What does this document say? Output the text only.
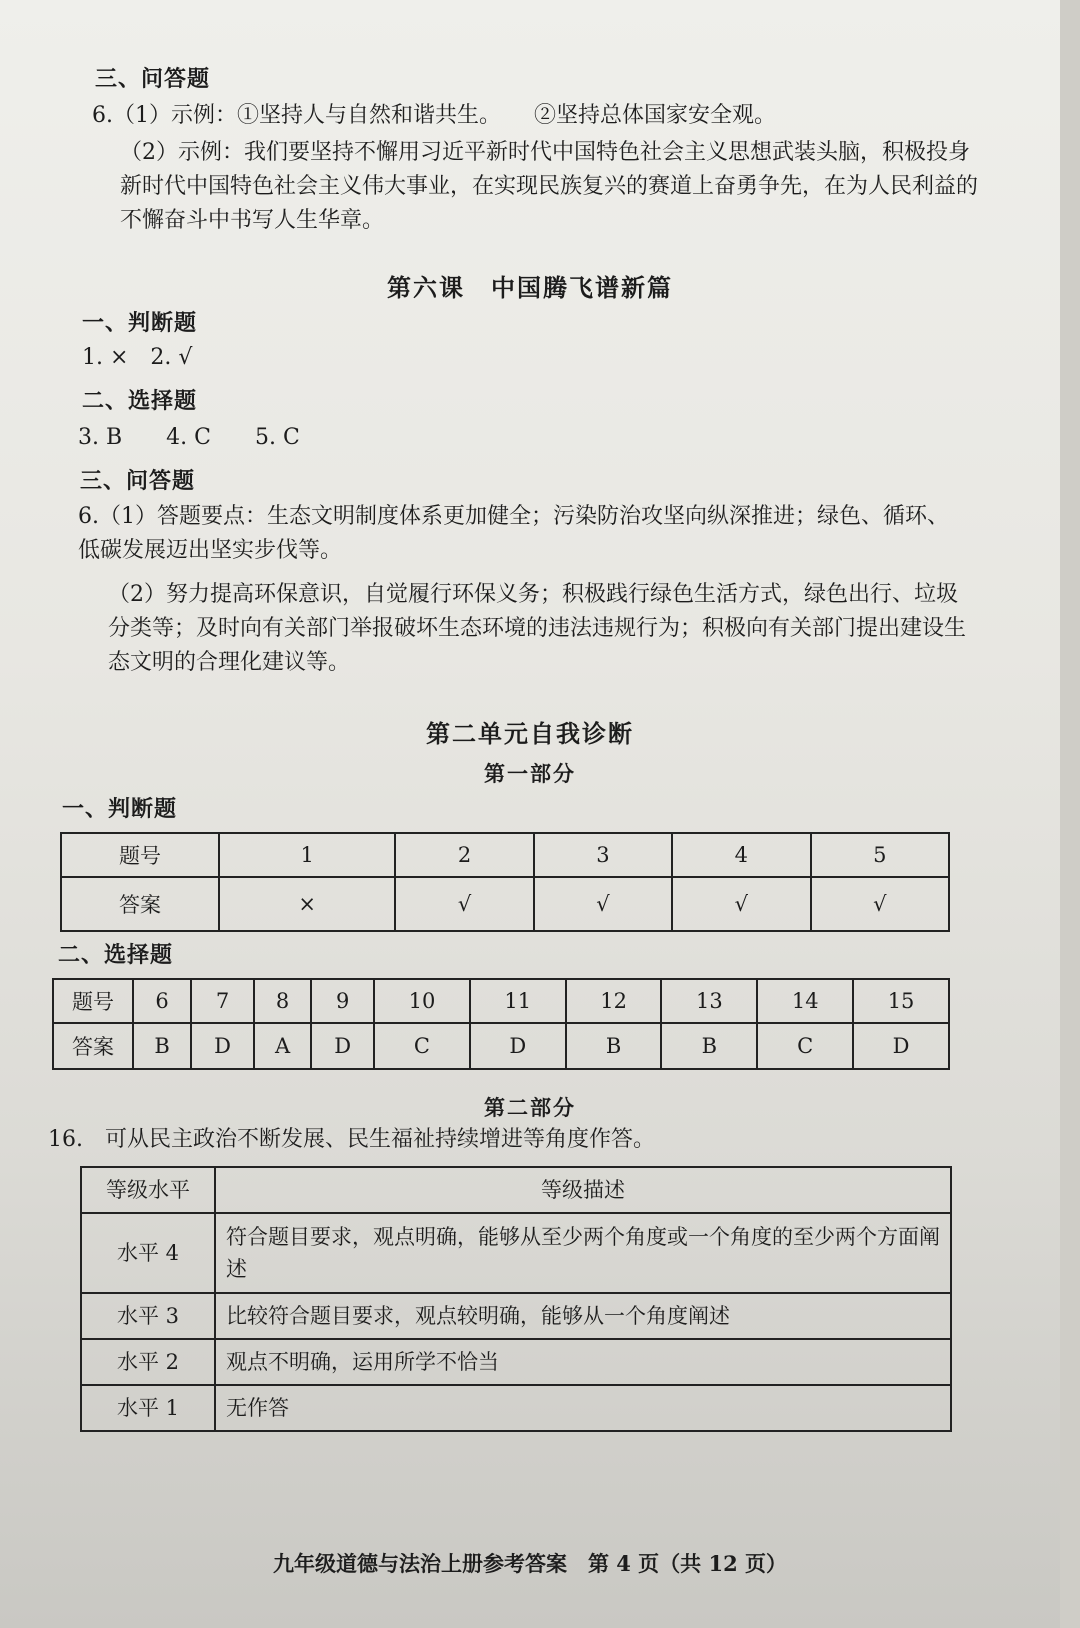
三、问答题
6.（1）示例：①坚持人与自然和谐共生。　　②坚持总体国家安全观。
（2）示例：我们要坚持不懈用习近平新时代中国特色社会主义思想武装头脑，积极投身新时代中国特色社会主义伟大事业，在实现民族复兴的赛道上奋勇争先，在为人民利益的不懈奋斗中书写人生华章。
第六课　中国腾飞谱新篇
一、判断题
1. ×　2. √
二、选择题
3. B　　4. C　　5. C
三、问答题
6.（1）答题要点：生态文明制度体系更加健全；污染防治攻坚向纵深推进；绿色、循环、低碳发展迈出坚实步伐等。
（2）努力提高环保意识，自觉履行环保义务；积极践行绿色生活方式，绿色出行、垃圾分类等；及时向有关部门举报破坏生态环境的违法违规行为；积极向有关部门提出建设生态文明的合理化建议等。
第二单元自我诊断
第一部分
一、判断题
题号	1	2	3	4	5
答案	×	√	√	√	√
二、选择题
题号	6	7	8	9	10	11	12	13	14	15
答案	B	D	A	D	C	D	B	B	C	D
第二部分
16.　可从民主政治不断发展、民生福祉持续增进等角度作答。
等级水平	等级描述
水平 4	符合题目要求，观点明确，能够从至少两个角度或一个角度的至少两个方面阐述
水平 3	比较符合题目要求，观点较明确，能够从一个角度阐述
水平 2	观点不明确，运用所学不恰当
水平 1	无作答
九年级道德与法治上册参考答案　第 4 页（共 12 页）
